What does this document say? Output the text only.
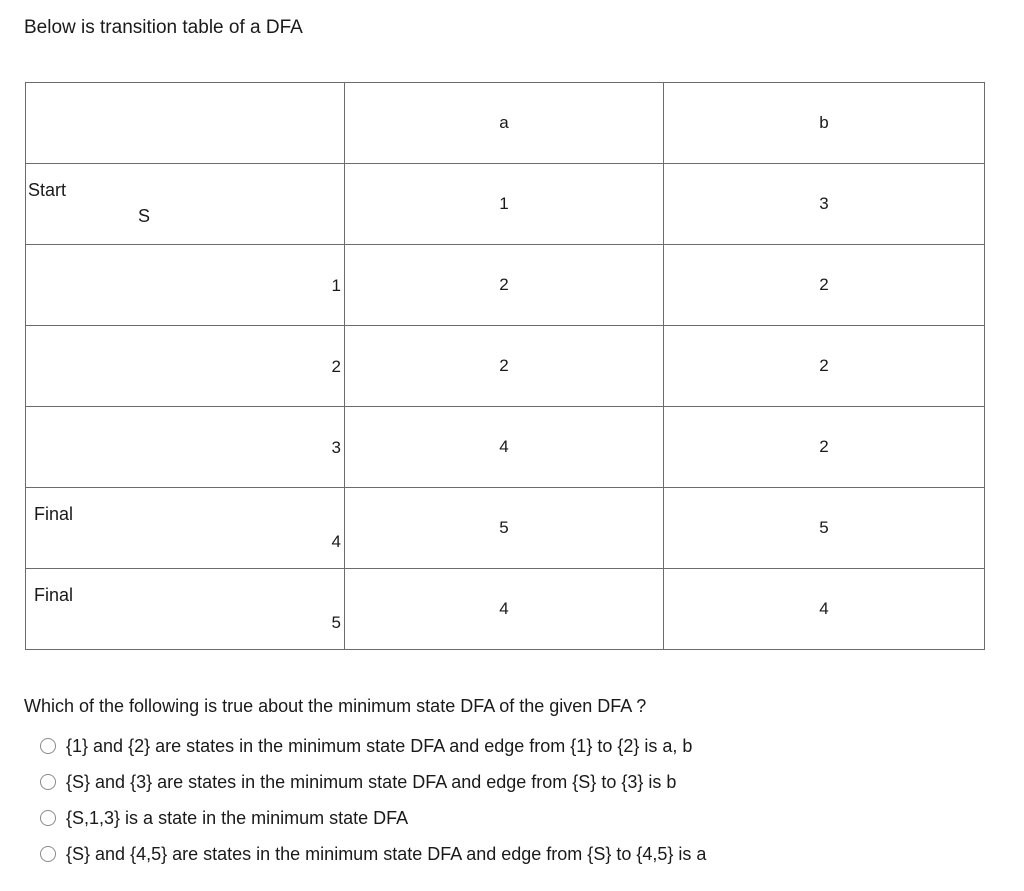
Below is transition table of a DFA

	a	b

Start
S	1	3

1	2	2

2	2	2

3	4	2

Final
4	5	5

Final
5	4	4
Which of the following is true about the minimum state DFA of the given DFA ?
{1} and {2} are states in the minimum state DFA and edge from {1} to {2} is a, b
{S} and {3} are states in the minimum state DFA and edge from {S} to {3} is b
{S,1,3} is a state in the minimum state DFA
{S} and {4,5} are states in the minimum state DFA and edge from {S} to {4,5} is a
